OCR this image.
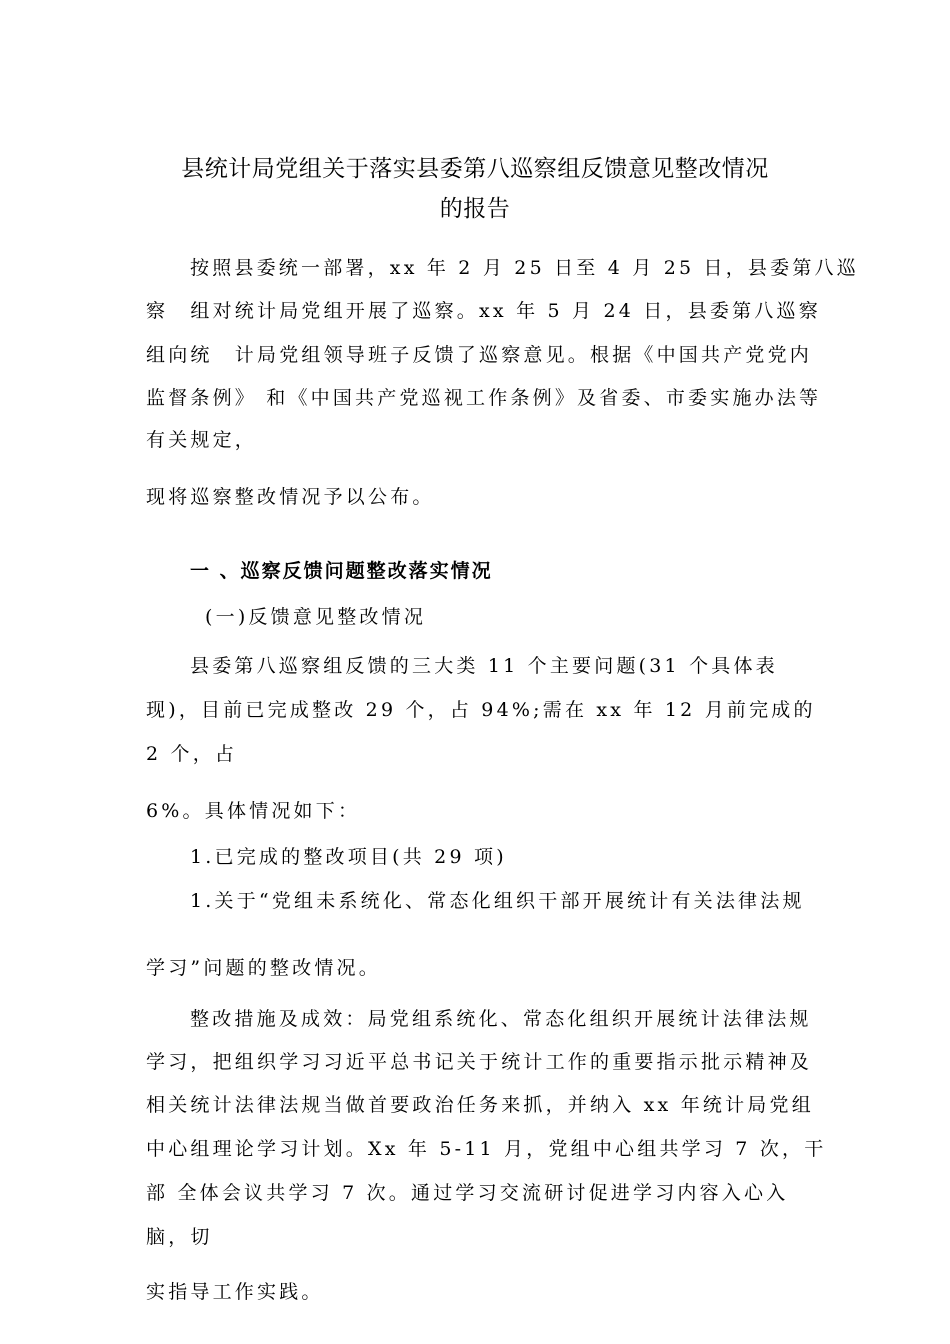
县统计局党组关于落实县委第八巡察组反馈意见整改情况
的报告
按照县委统一部署，xx 年 2 月 25 日至 4 月 25 日，县委第八巡
察　组对统计局党组开展了巡察。xx 年 5 月 24 日，县委第八巡察
组向统　计局党组领导班子反馈了巡察意见。根据《中国共产党党内
监督条例》 和《中国共产党巡视工作条例》及省委、市委实施办法等
有关规定，
现将巡察整改情况予以公布。
一 、巡察反馈问题整改落实情况
(一)反馈意见整改情况
县委第八巡察组反馈的三大类 11 个主要问题(31 个具体表
现)，目前已完成整改 29 个，占 94%;需在 xx 年 12 月前完成的
2 个，占
6%。具体情况如下：
1.已完成的整改项目(共 29 项)
1.关于“党组未系统化、常态化组织干部开展统计有关法律法规
学习”问题的整改情况。
整改措施及成效：局党组系统化、常态化组织开展统计法律法规
学习，把组织学习习近平总书记关于统计工作的重要指示批示精神及
相关统计法律法规当做首要政治任务来抓，并纳入 xx 年统计局党组
中心组理论学习计划。Xx 年 5-11 月，党组中心组共学习 7 次，干
部 全体会议共学习 7 次。通过学习交流研讨促进学习内容入心入
脑，切
实指导工作实践。
